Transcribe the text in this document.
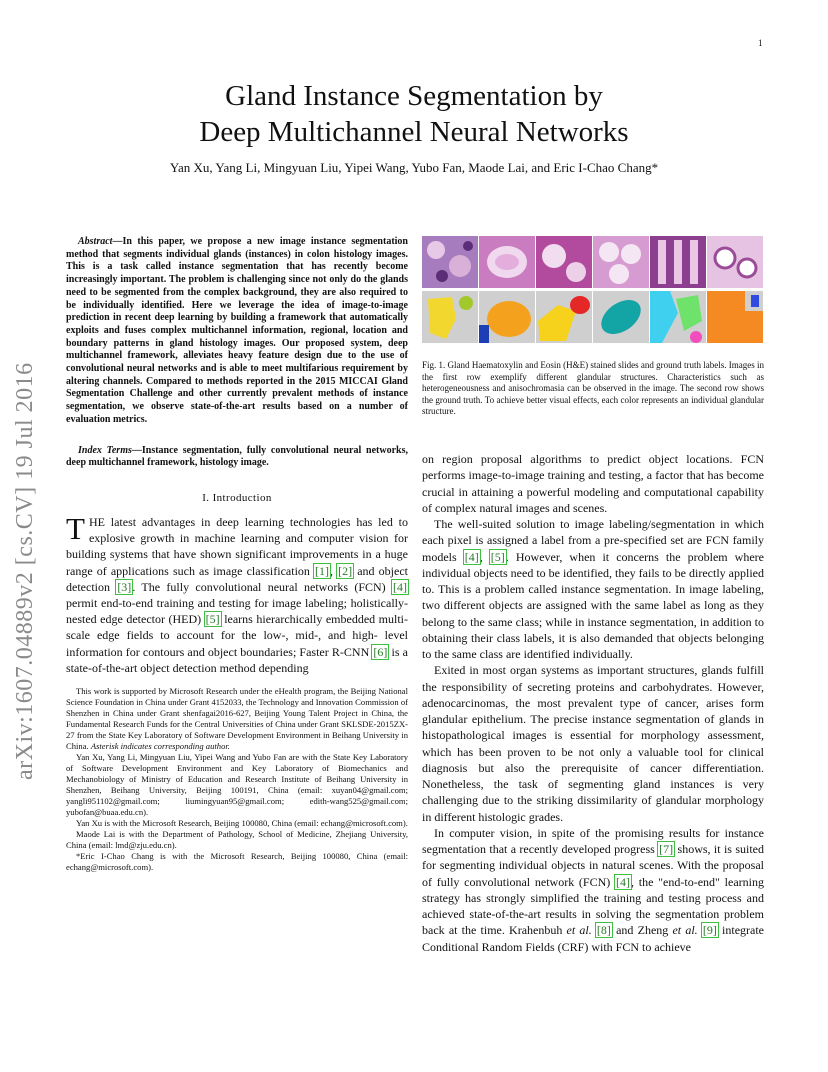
1
arXiv:1607.04889v2 [cs.CV] 19 Jul 2016
Gland Instance Segmentation by
Deep Multichannel Neural Networks
Yan Xu, Yang Li, Mingyuan Liu, Yipei Wang, Yubo Fan, Maode Lai, and Eric I-Chao Chang*

Abstract—In this paper, we propose a new image instance segmentation method that segments individual glands (instances) in colon histology images. This is a task called instance segmentation that has recently become increasingly important. The problem is challenging since not only do the glands need to be segmented from the complex background, they are also required to be individually identified. Here we leverage the idea of image-to-image prediction in recent deep learning by building a framework that automatically exploits and fuses complex multichannel information, regional, location and boundary patterns in gland histology images. Our proposed system, deep multichannel framework, alleviates heavy feature design due to the use of convolutional neural networks and is able to meet multifarious requirement by altering channels. Compared to methods reported in the 2015 MICCAI Gland Segmentation Challenge and other currently prevalent methods of instance segmentation, we observe state-of-the-art results based on a number of evaluation metrics.

Index Terms—Instance segmentation, fully convolutional neural networks, deep multichannel framework, histology image.

I. Introduction

THE latest advantages in deep learning technologies has led to explosive growth in machine learning and computer vision for building systems that have shown significant improvements in a huge range of applications such as image classification [1], [2] and object detection [3]. The fully convolutional neural networks (FCN) [4] permit end-to-end training and testing for image labeling; holistically-nested edge detector (HED) [5] learns hierarchically embedded multi-scale edge fields to account for the low-, mid-, and high- level information for contours and object boundaries; Faster R-CNN [6] is a state-of-the-art object detection method depending

This work is supported by Microsoft Research under the eHealth program, the Beijing National Science Foundation in China under Grant 4152033, the Technology and Innovation Commission of Shenzhen in China under Grant shenfagai2016-627, Beijing Young Talent Project in China, the Fundamental Research Funds for the Central Universities of China under Grant SKLSDE-2015ZX-27 from the State Key Laboratory of Software Development Environment in Beihang University in China. Asterisk indicates corresponding author.

Yan Xu, Yang Li, Mingyuan Liu, Yipei Wang and Yubo Fan are with the State Key Laboratory of Software Development Environment and Key Laboratory of Biomechanics and Mechanobiology of Ministry of Education and Research Institute of Beihang University in Shenzhen, Beihang University, Beijing 100191, China (email: xuyan04@gmail.com; yangli951102@gmail.com; liumingyuan95@gmail.com; edith-wang525@gmail.com; yubofan@buaa.edu.cn).

Yan Xu is with the Microsoft Research, Beijing 100080, China (email: echang@microsoft.com).

Maode Lai is with the Department of Pathology, School of Medicine, Zhejiang University, China (email: lmd@zju.edu.cn).

*Eric I-Chao Chang is with the Microsoft Research, Beijing 100080, China (email: echang@microsoft.com).

Fig. 1. Gland Haematoxylin and Eosin (H&E) stained slides and ground truth labels. Images in the first row exemplify different glandular structures. Characteristics such as heterogeneousness and anisochromasia can be observed in the image. The second row shows the ground truth. To achieve better visual effects, each color represents an individual glandular structure.

on region proposal algorithms to predict object locations. FCN performs image-to-image training and testing, a factor that has become crucial in attaining a powerful modeling and computational capability of complex natural images and scenes.

The well-suited solution to image labeling/segmentation in which each pixel is assigned a label from a pre-specified set are FCN family models [4], [5]. However, when it concerns the problem where individual objects need to be identified, they fails to be directly applied to. This is a problem called instance segmentation. In image labeling, two different objects are assigned with the same label as long as they belong to the same class; while in instance segmentation, in addition to obtaining their class labels, it is also demanded that objects belonging to the same class are identified individually.

Exited in most organ systems as important structures, glands fulfill the responsibility of secreting proteins and carbohydrates. However, adenocarcinomas, the most prevalent type of cancer, arises form glandular epithelium. The precise instance segmentation of glands in histopathological images is essential for morphology assessment, which has been proven to be not only a valuable tool for clinical diagnosis but also the prerequisite of cancer differentiation. Nonetheless, the task of segmenting gland instances is very challenging due to the striking dissimilarity of glandular morphology in different histologic grades.

In computer vision, in spite of the promising results for instance segmentation that a recently developed progress [7] shows, it is suited for segmenting individual objects in natural scenes. With the proposal of fully convolutional network (FCN) [4], the "end-to-end" learning strategy has strongly simplified the training and testing process and achieved state-of-the-art results in solving the segmentation problem back at the time. Krahenbuh et al. [8] and Zheng et al. [9] integrate Conditional Random Fields (CRF) with FCN to achieve
